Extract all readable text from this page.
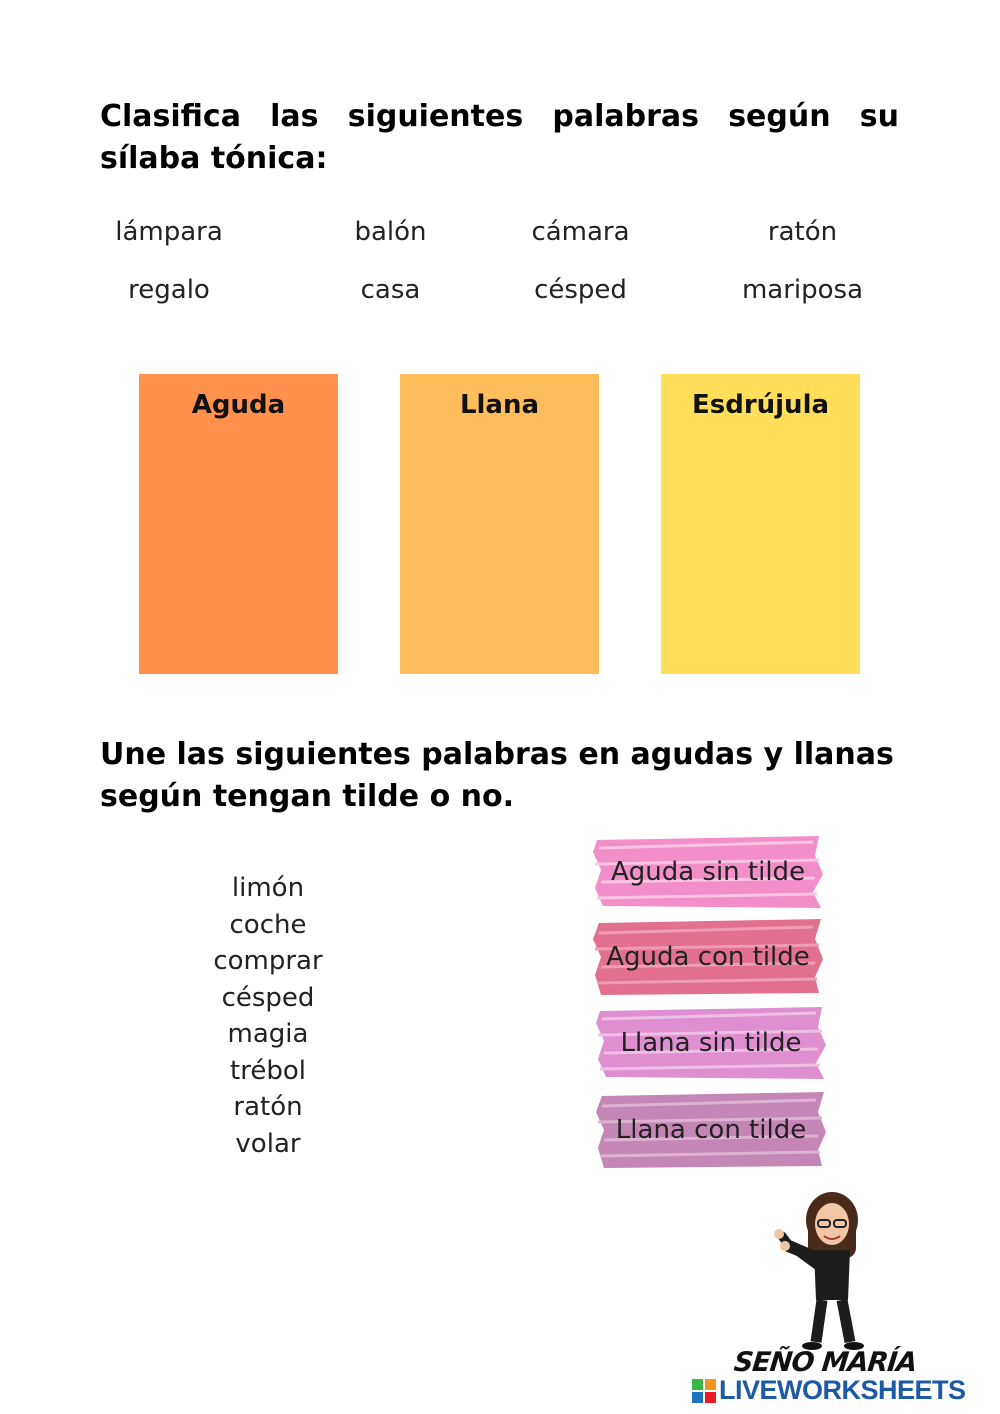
Clasifica las siguientes palabras según su sílaba tónica:
lámpara	balón	cámara	ratón
regalo	casa	césped	mariposa
Aguda	Llana	Esdrújula
Une las siguientes palabras en agudas y llanas según tengan tilde o no.
limón
coche
comprar
césped
magia
trébol
ratón
volar
Aguda sin tilde
Aguda con tilde
Llana sin tilde
Llana con tilde
SEÑO MARÍA
LIVEWORKSHEETS
